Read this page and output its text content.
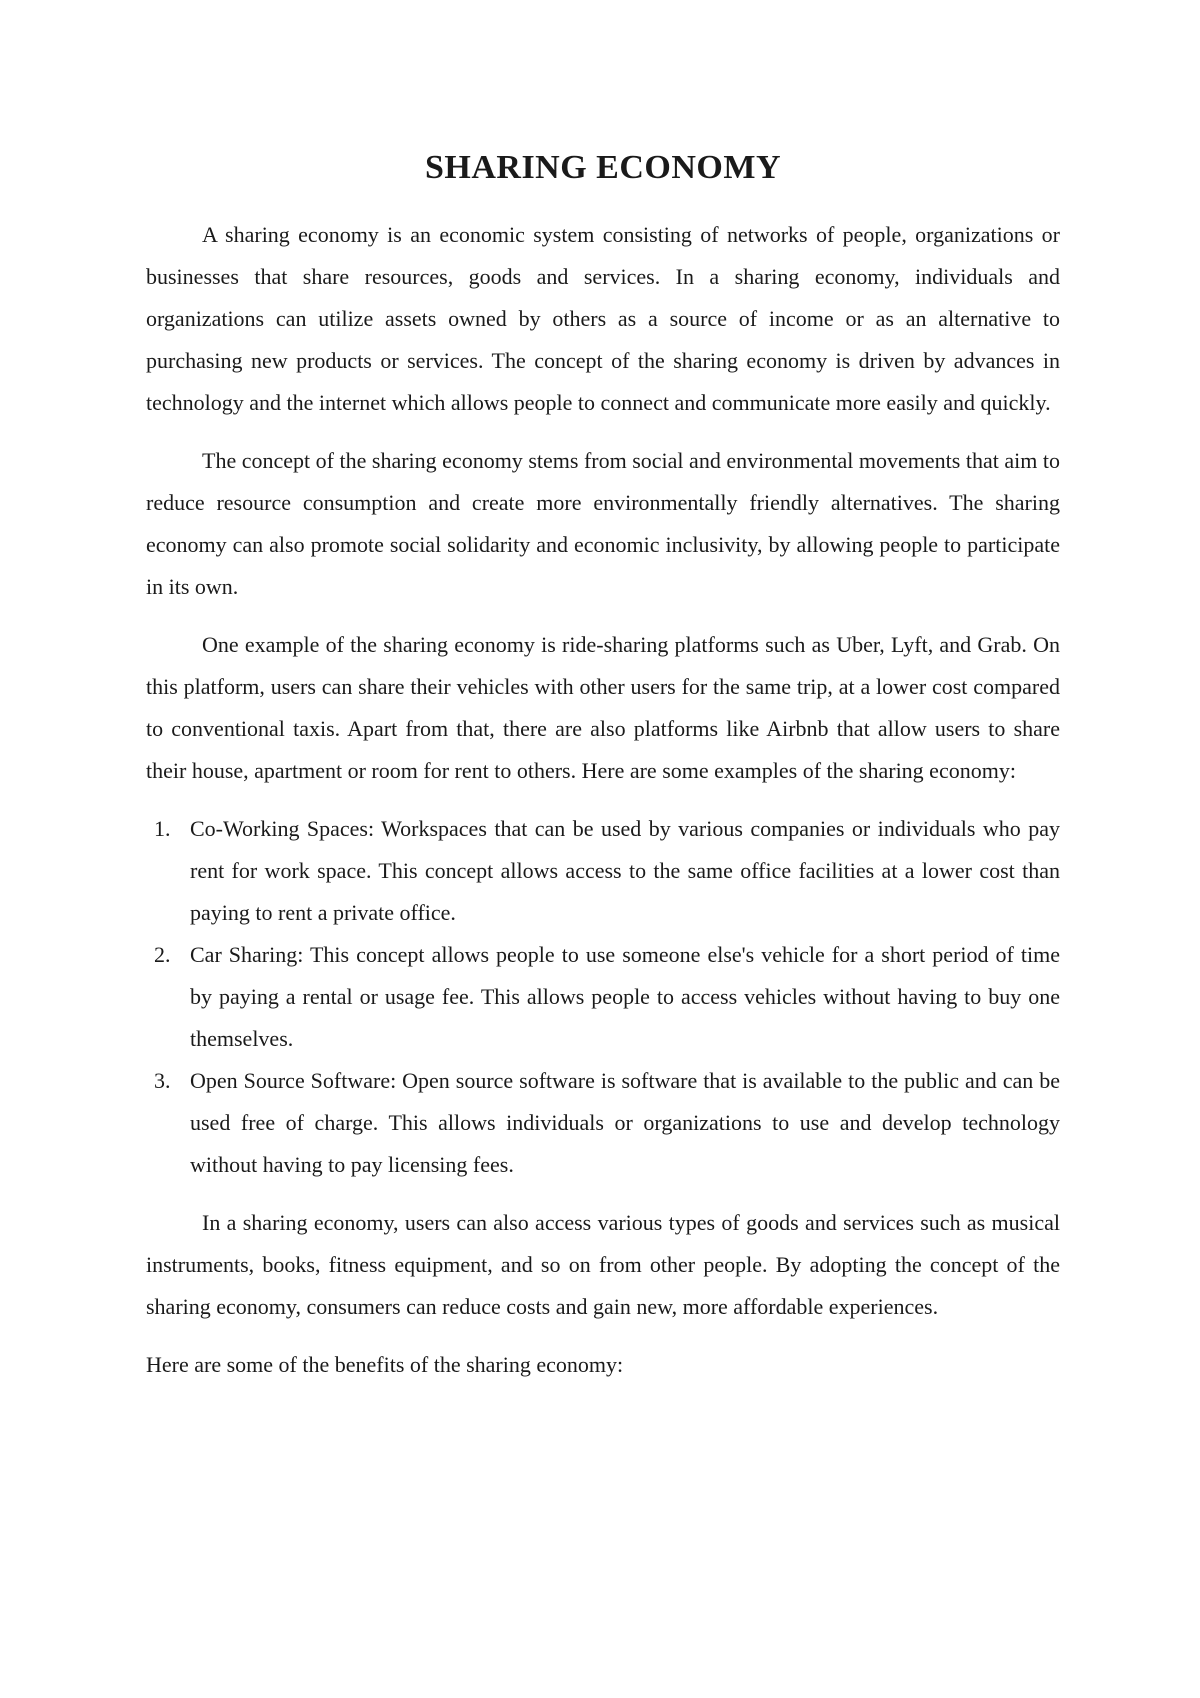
SHARING ECONOMY

A sharing economy is an economic system consisting of networks of people, organizations or businesses that share resources, goods and services. In a sharing economy, individuals and organizations can utilize assets owned by others as a source of income or as an alternative to purchasing new products or services. The concept of the sharing economy is driven by advances in technology and the internet which allows people to connect and communicate more easily and quickly.

The concept of the sharing economy stems from social and environmental movements that aim to reduce resource consumption and create more environmentally friendly alternatives. The sharing economy can also promote social solidarity and economic inclusivity, by allowing people to participate in its own.

One example of the sharing economy is ride-sharing platforms such as Uber, Lyft, and Grab. On this platform, users can share their vehicles with other users for the same trip, at a lower cost compared to conventional taxis. Apart from that, there are also platforms like Airbnb that allow users to share their house, apartment or room for rent to others. Here are some examples of the sharing economy:

1. Co-Working Spaces: Workspaces that can be used by various companies or individuals who pay rent for work space. This concept allows access to the same office facilities at a lower cost than paying to rent a private office.
2. Car Sharing: This concept allows people to use someone else's vehicle for a short period of time by paying a rental or usage fee. This allows people to access vehicles without having to buy one themselves.
3. Open Source Software: Open source software is software that is available to the public and can be used free of charge. This allows individuals or organizations to use and develop technology without having to pay licensing fees.

In a sharing economy, users can also access various types of goods and services such as musical instruments, books, fitness equipment, and so on from other people. By adopting the concept of the sharing economy, consumers can reduce costs and gain new, more affordable experiences.

Here are some of the benefits of the sharing economy:
